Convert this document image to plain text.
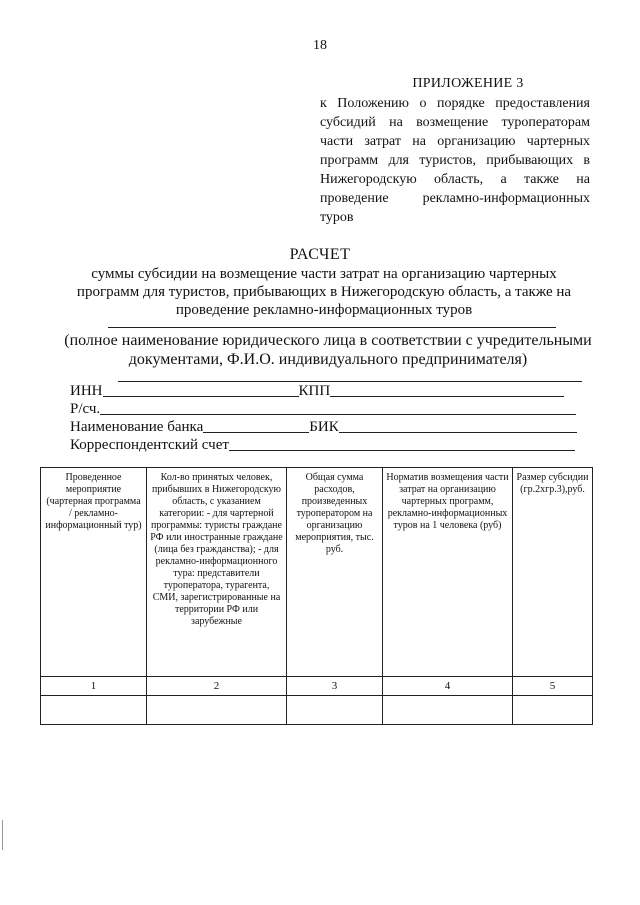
18

ПРИЛОЖЕНИЕ 3

к Положению о порядке предоставления субсидий на возмещение туроператорам части затрат на организацию чартерных программ для туристов, прибывающих в Нижегородскую область, а также на проведение рекламно-информационных туров

РАСЧЕТ

суммы субсидии на возмещение части затрат на организацию чартерных программ для туристов, прибывающих в Нижегородскую область, а также на проведение рекламно-информационных туров

(полное наименование юридического лица в соответствии с учредительными документами, Ф.И.О. индивидуального предпринимателя)

ИНН	КПП
Р/сч.
Наименование банка	БИК
Корреспондентский счет
Проведенное мероприятие (чартерная программа / рекламно-информационный тур)	Кол-во принятых человек, прибывших в Нижегородскую область, с указанием категории: - для чартерной программы: туристы граждане РФ или иностранные граждане (лица без гражданства); - для рекламно-информационного тура: представители туроператора, турагента, СМИ, зарегистрированные на территории РФ или зарубежные	Общая сумма расходов, произведенных туроператором на организацию мероприятия, тыс. руб.	Норматив возмещения части затрат на организацию чартерных программ, рекламно-информационных туров на 1 человека (руб)	Размер субсидии (гр.2хгр.3),руб.
1	2	3	4	5
